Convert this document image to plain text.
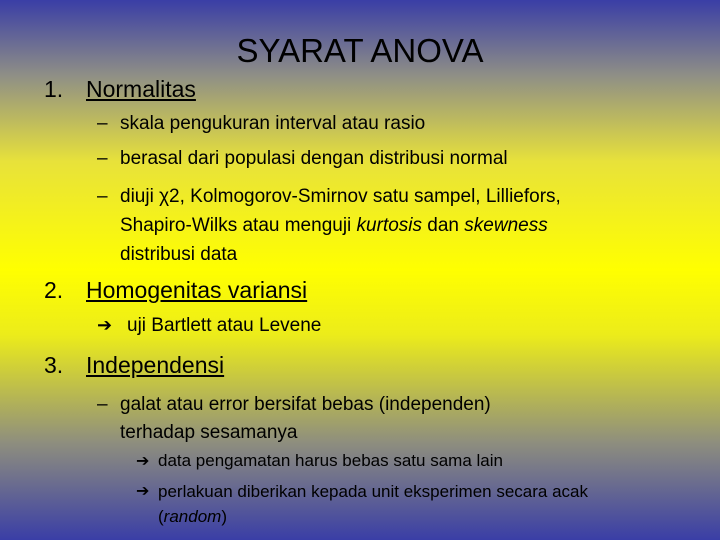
SYARAT ANOVA
1. Normalitas
– skala pengukuran interval atau rasio
– berasal dari populasi dengan distribusi normal
– diuji χ2, Kolmogorov-Smirnov satu sampel, Lilliefors,
Shapiro-Wilks atau menguji kurtosis dan skewness
distribusi data
2. Homogenitas variansi
➔ uji Bartlett atau Levene
3. Independensi
– galat atau error bersifat bebas (independen)
terhadap sesamanya
➔ data pengamatan harus bebas satu sama lain
➔ perlakuan diberikan kepada unit eksperimen secara acak
(random)
